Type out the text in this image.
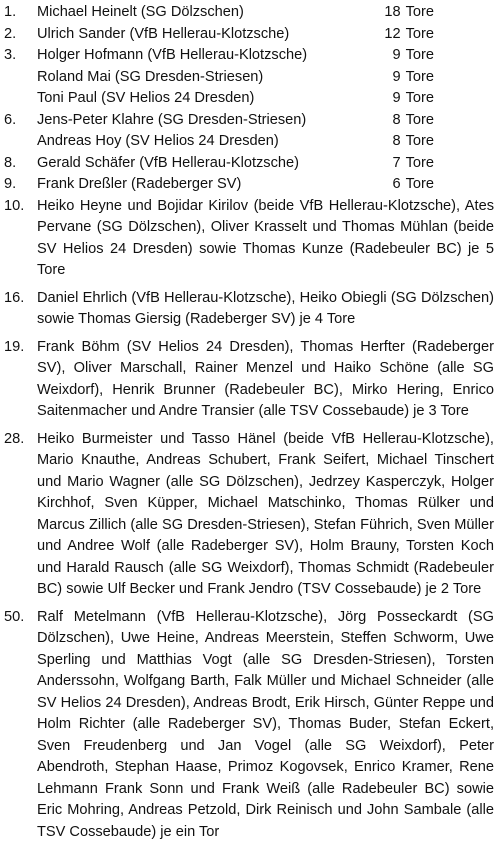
1.	Michael Heinelt (SG Dölzschen)	18 Tore
2.	Ulrich Sander (VfB Hellerau-Klotzsche)	12 Tore
3.	Holger Hofmann (VfB Hellerau-Klotzsche)	9 Tore
Roland Mai (SG Dresden-Striesen)	9 Tore
Toni Paul (SV Helios 24 Dresden)	9 Tore
6.	Jens-Peter Klahre (SG Dresden-Striesen)	8 Tore
Andreas Hoy (SV Helios 24 Dresden)	8 Tore
8.	Gerald Schäfer (VfB Hellerau-Klotzsche)	7 Tore
9.	Frank Dreßler (Radeberger SV)	6 Tore
10. Heiko Heyne und Bojidar Kirilov (beide VfB Hellerau-Klotzsche), Ates Pervane (SG Dölzschen), Oliver Krasselt und Thomas Mühlan (beide SV Helios 24 Dresden) sowie Thomas Kunze (Radebeuler BC) je 5 Tore
16. Daniel Ehrlich (VfB Hellerau-Klotzsche), Heiko Obiegli (SG Dölzschen) sowie Thomas Giersig (Radeberger SV) je 4 Tore
19. Frank Böhm (SV Helios 24 Dresden), Thomas Herfter (Radeberger SV), Oliver Marschall, Rainer Menzel und Haiko Schöne (alle SG Weixdorf), Henrik Brunner (Radebeuler BC), Mirko Hering, Enrico Saitenmacher und Andre Transier (alle TSV Cossebaude) je 3 Tore
28. Heiko Burmeister und Tasso Hänel (beide VfB Hellerau-Klotzsche), Mario Knauthe, Andreas Schubert, Frank Seifert, Michael Tinschert und Mario Wagner (alle SG Dölzschen), Jedrzey Kasperczyk, Holger Kirchhof, Sven Küpper, Michael Matschinko, Thomas Rülker und Marcus Zillich (alle SG Dresden-Striesen), Stefan Führich, Sven Müller und Andree Wolf (alle Radeberger SV), Holm Brauny, Torsten Koch und Harald Rausch (alle SG Weixdorf), Thomas Schmidt (Radebeuler BC) sowie Ulf Becker und Frank Jendro (TSV Cossebaude) je 2 Tore
50. Ralf Metelmann (VfB Hellerau-Klotzsche), Jörg Posseckardt (SG Dölzschen), Uwe Heine, Andreas Meerstein, Steffen Schworm, Uwe Sperling und Matthias Vogt (alle SG Dresden-Striesen), Torsten Anderssohn, Wolfgang Barth, Falk Müller und Michael Schneider (alle SV Helios 24 Dresden), Andreas Brodt, Erik Hirsch, Günter Reppe und Holm Richter (alle Radeberger SV), Thomas Buder, Stefan Eckert, Sven Freudenberg und Jan Vogel (alle SG Weixdorf), Peter Abendroth, Stephan Haase, Primoz Kogovsek, Enrico Kramer, Rene Lehmann Frank Sonn und Frank Weiß (alle Radebeuler BC) sowie Eric Mohring, Andreas Petzold, Dirk Reinisch und John Sambale (alle TSV Cossebaude) je ein Tor
